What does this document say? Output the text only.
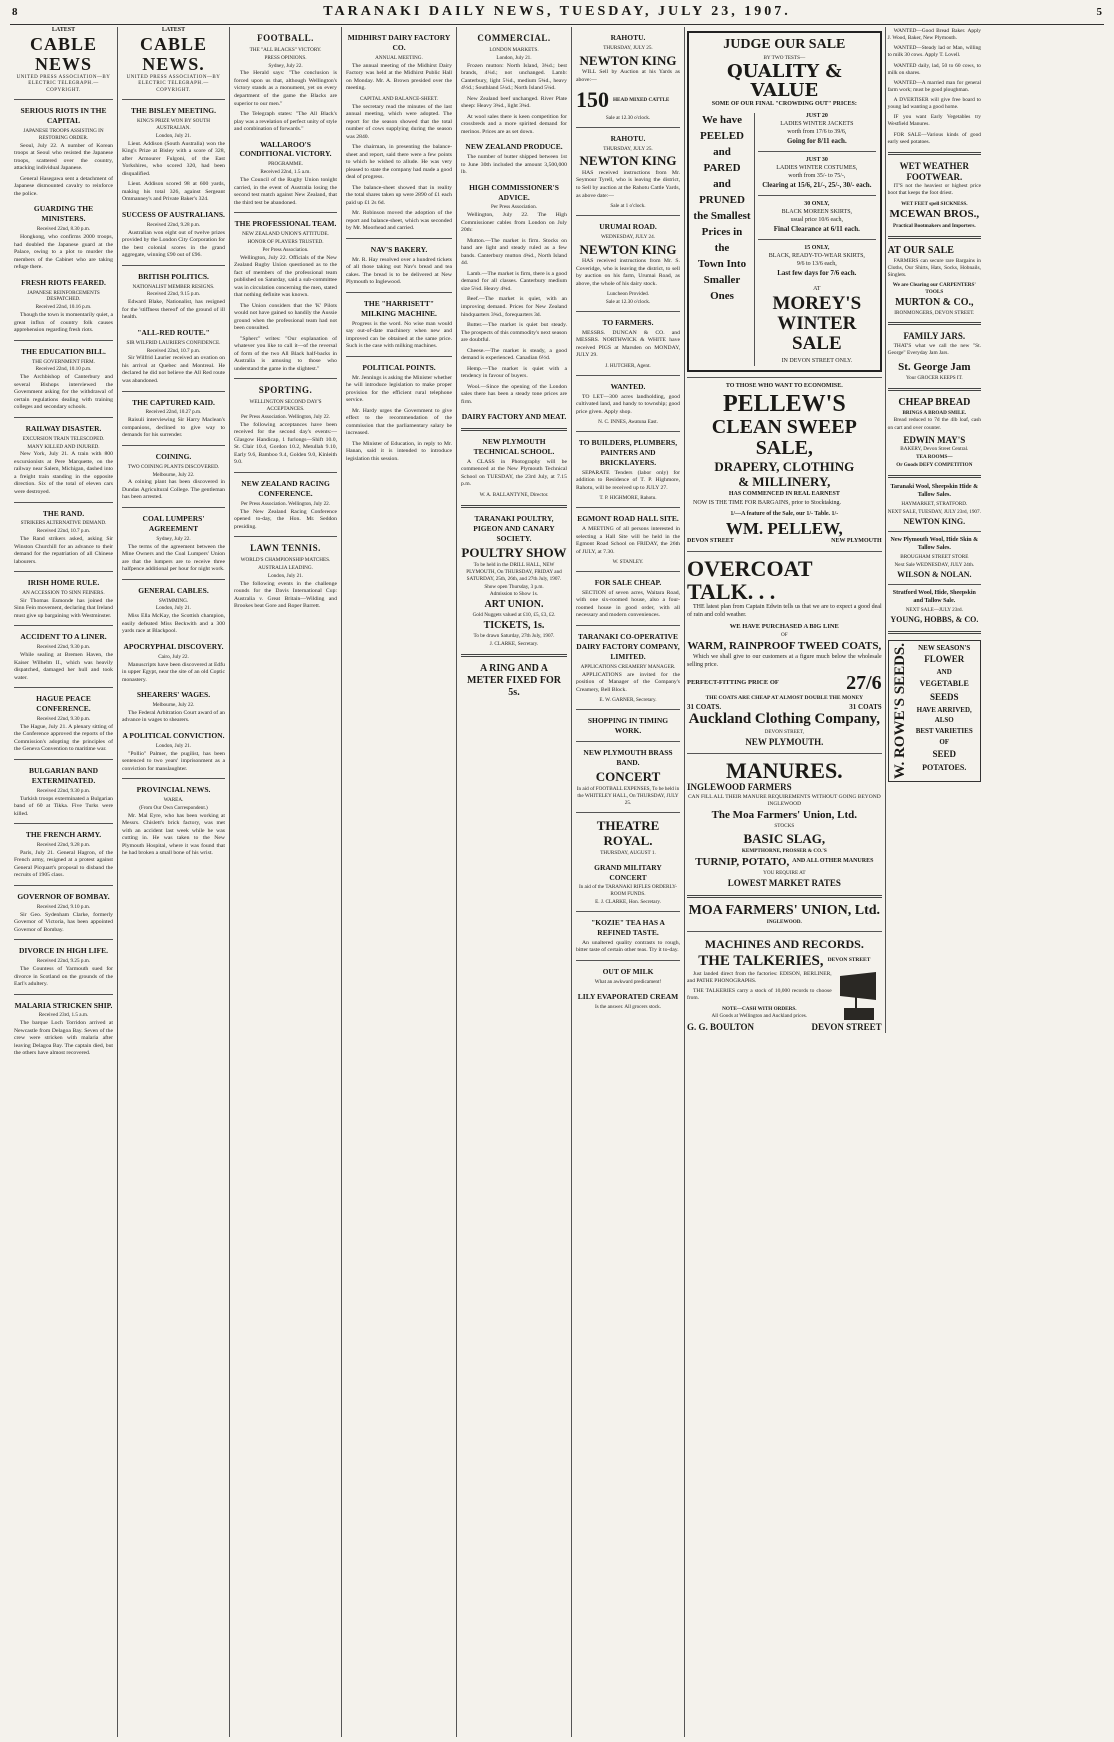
TARANAKI DAILY NEWS, TUESDAY, JULY 23, 1907.
8	5
LATEST
CABLE NEWS
UNITED PRESS ASSOCIATION—BY
ELECTRIC TELEGRAPH.—COPYRIGHT.
SERIOUS RIOTS IN THE CAPITAL
JAPANESE TROOPS ASSISTING IN RESTORING ORDER.

Seoul, July 22. A number of Korean troops at Seoul who resisted the Japanese troops, scattered over the country, attacking individual Japanese.

General Hasegawa sent a detachment of Japanese dismounted cavalry to reinforce the police.

GUARDING THE MINISTERS.
Received 22nd, 8.30 p.m.

Hongkong, who confirms 2000 troops, had doubled the Japanese guard at the Palace, owing to a plot to murder the members of the Cabinet who are taking refuge there.

FRESH RIOTS FEARED.
JAPANESE REINFORCEMENTS DESPATCHED.
Received 22nd, 10.16 p.m.

Though the town is momentarily quiet, a great influx of country folk causes apprehension regarding fresh riots.

THE EDUCATION BILL.
THE GOVERNMENT FIRM.
Received 22nd, 10.10 p.m.

The Archbishop of Canterbury and several Bishops interviewed the Government asking for the withdrawal of certain regulations dealing with training colleges and secondary schools.

RAILWAY DISASTER.
EXCURSION TRAIN TELESCOPED.
MANY KILLED AND INJURED.

New York, July 21. A train with 800 excursionists at Pere Marquette, on the railway near Salem, Michigan, dashed into a freight train standing in the opposite direction. Six of the total of eleven cars were destroyed.

THE RAND.
STRIKERS ALTERNATIVE DEMAND.
Received 22nd, 10.7 p.m.

The Rand strikers asked, asking Sir Winston Churchill for an advance to their demand for the repatriation of all Chinese labourers.

IRISH HOME RULE.
AN ACCESSION TO SINN FEINERS.

Sir Thomas Esmonde has joined the Sinn Fein movement, declaring that Ireland must give up bargaining with Westminster.

ACCIDENT TO A LINER.
Received 22nd, 9.30 p.m.

While sealing at Bremen Haven, the Kaiser Wilhelm II., which was heavily dispatched, damaged her hull and took water.

HAGUE PEACE CONFERENCE.
Received 22nd, 9.30 p.m.

The Hague, July 21. A plenary sitting of the Conference approved the reports of the Commission's adopting the principles of the Geneva Convention to maritime war.

BULGARIAN BAND EXTERMINATED.
Received 22nd, 9.30 p.m.

Turkish troops exterminated a Bulgarian band of 60 at Tikka. Five Turks were killed.

THE FRENCH ARMY.
Received 22nd, 9.28 p.m.

Paris, July 21. General Hagron, of the French army, resigned at a protest against General Picquart's proposal to disband the recruits of 1905 class.

GOVERNOR OF BOMBAY.
Received 22nd, 9.10 p.m.

Sir Geo. Sydenham Clarke, formerly Governor of Victoria, has been appointed Governor of Bombay.

DIVORCE IN HIGH LIFE.
Received 22nd, 9.25 p.m.

The Countess of Yarmouth sued for divorce in Scotland on the grounds of the Earl's adultery.

MALARIA STRICKEN SHIP.
Received 23rd, 1.5 a.m.

The barque Loch Torridon arrived at Newcastle from Delagoa Bay. Seven of the crew were stricken with malaria after leaving Delagoa Bay. The captain died, but the others have almost recovered.

LATEST
CABLE NEWS.
UNITED PRESS ASSOCIATION—BY ELECTRIC TELEGRAPH.—COPYRIGHT.
THE BISLEY MEETING.
KING'S PRIZE WON BY SOUTH AUSTRALIAN.
London, July 21.

Lieut. Addison (South Australia) won the King's Prize at Bisley with a score of 328, after Armourer Fulgoni, of the East Yorkshires, who scored 320, had been disqualified.

Lieut. Addison scored 98 at 600 yards, making his total 326, against Sergeant Ommanney's and Private Baker's 324.

SUCCESS OF AUSTRALIANS.
Received 22nd, 9.28 p.m.

Australian won eight out of twelve prizes provided by the London City Corporation for the best colonial scores in the grand aggregate, winning £90 out of £96.

BRITISH POLITICS.
NATIONALIST MEMBER RESIGNS.
Received 22nd, 9.15 p.m.

Edward Blake, Nationalist, has resigned for the 'stiffness thereof' of the ground of ill health.

"ALL-RED ROUTE."
SIR WILFRID LAURIER'S CONFIDENCE.
Received 22nd, 10.7 p.m.

Sir Wilfrid Laurier received an ovation on his arrival at Quebec and Montreal. He declared he did not believe the All Red route was abandoned.

THE CAPTURED KAID.
Received 22nd, 10.27 p.m.

Raisuli interviewing Sir Harry Maclean's companions, declined to give way to demands for his surrender.

COINING.
TWO COINING PLANTS DISCOVERED.
Melbourne, July 22.

A coining plant has been discovered in Dundas Agricultural College. The gentleman has been arrested.

COAL LUMPERS' AGREEMENT
Sydney, July 22.

The terms of the agreement between the Mine Owners and the Coal Lumpers' Union are that the lumpers are to receive three halfpence additional per hour for night work.

GENERAL CABLES.
SWIMMING.
London, July 21.

Miss Ella McKay, the Scottish champion, easily defeated Miss Beckwith and a 300 yards race at Blackpool.

APOCRYPHAL DISCOVERY.
Cairo, July 22.

Manuscripts have been discovered at Edfu in upper Egypt, near the site of an old Coptic monastery.

SHEARERS' WAGES.
Melbourne, July 22.

The Federal Arbitration Court award of an advance in wages to shearers.

A POLITICAL CONVICTION.
London, July 21.

"Pollio" Palmer, the pugilist, has been sentenced to two years' imprisonment as a conviction for manslaughter.

PROVINCIAL NEWS.
WAREA.
(From Our Own Correspondent.)

Mr. Mal Eyre, who has been working at Messrs. Chislett's brick factory, was met with an accident last week while he was cutting in. He was taken to the New Plymouth Hospital, where it was found that he had broken a small bone of his wrist.

FOOTBALL.
THE "ALL BLACKS" VICTORY.
PRESS OPINIONS.
Sydney, July 22.

The Herald says: "The conclusion is forced upon us that, although Wellington's victory stands as a monument, yet on every department of the game the Blacks are superior to our men."

The Telegraph states: "The All Black's play was a revelation of perfect unity of style and combination of forwards."

WALLAROO'S CONDITIONAL VICTORY.
PROGRAMME.
Received 22nd, 1.5 a.m.

The Council of the Rugby Union tonight carried, in the event of Australia losing the second test match against New Zealand, that the third test be abandoned.

THE PROFESSIONAL TEAM.
NEW ZEALAND UNION'S ATTITUDE.
HONOR OF PLAYERS TRUSTED.
Per Press Association.

Wellington, July 22. Officials of the New Zealand Rugby Union questioned as to the fact of members of the professional team published on Saturday, said a sub-committee was in circulation concerning the men, stated that nothing definite was known.

The Union considers that the 'K' Pilots would not have gained so handily the Aussie ground when the professional team had not been consulted.

"Spherc" writes: "Our explanation of whatever you like to call it—of the reversal of form of the two All Black half-backs in Australia is amusing to those who understand the game in the slightest."

SPORTING.
WELLINGTON SECOND DAY'S ACCEPTANCES.
Per Press Association. Wellington, July 22.

The following acceptances have been received for the second day's events:—Glasgow Handicap, 1 furlongs—Shift 10.0, St. Clair 10.4, Gordon 10.2, Metullah 9.10, Early 9.6, Bamboo 9.4, Golden 9.0, Kinleith 9.0.

NEW ZEALAND RACING CONFERENCE.
Per Press Association. Wellington, July 22.

The New Zealand Racing Conference opened to-day, the Hon. Mr. Seddon presiding.

LAWN TENNIS.
WORLD'S CHAMPIONSHIP MATCHES.
AUSTRALIA LEADING.
London, July 21.

The following events in the challenge rounds for the Davis International Cup: Australia v. Great Britain—Wilding and Brookes beat Gore and Roper Barrett.

MIDHIRST DAIRY FACTORY CO.
ANNUAL MEETING.

The annual meeting of the Midhirst Dairy Factory was held at the Midhirst Public Hall on Monday. Mr. A. Brown presided over the meeting.

CAPITAL AND BALANCE-SHEET.

The secretary read the minutes of the last annual meeting, which were adopted. The report for the season showed that the total number of cows supplying during the season was 2840.

The chairman, in presenting the balance-sheet and report, said there were a few points to which he wished to allude. He was very pleased to state the company had made a good deal of progress.

The balance-sheet showed that in reality the total shares taken up were 2890 of £1 each paid up £1 2s 6d.

Mr. Robinson moved the adoption of the report and balance-sheet, which was seconded by Mr. Moorhead and carried.

NAV'S BAKERY.

Mr. R. Hay resolved over a hundred tickets of all those taking out Nav's bread and tea cakes. The bread is to be delivered at New Plymouth to Inglewood.

THE "HARRISETT" MILKING MACHINE.

Progress is the word. No wise man would say out-of-date machinery when new and improved can be obtained at the same price. Such is the case with milking machines.

POLITICAL POINTS.

Mr. Jennings is asking the Minister whether he will introduce legislation to make proper provision for the efficient rural telephone service.

Mr. Hardy urges the Government to give effect to the recommendation of the commission that the parliamentary salary be increased.

The Minister of Education, in reply to Mr. Hanan, said it is intended to introduce legislation this session.

COMMERCIAL.
LONDON MARKETS.
London, July 21.

Frozen mutton: North Island, 3¾d.; best brands, 4¼d.; not unchanged. Lamb: Canterbury, light 5¼d., medium 5¾d., heavy 4½d.; Southland 5¼d.; North Island 5¼d.

New Zealand beef unchanged. River Plate sheep: Heavy 3¾d., light 3¾d.

At wool sales there is keen competition for crossbreds and a more spirited demand for merinos. Prices are as set down.

NEW ZEALAND PRODUCE.

The number of butter shipped between 1st to June 30th included the amount 3,500,000 lb.

HIGH COMMISSIONER'S ADVICE.
Per Press Association.

Wellington, July 22. The High Commissioner cables from London on July 20th:

Mutton.—The market is firm. Stocks on hand are light and steady ruled as a few bands. Canterbury mutton 4¾d., North Island 4d.

Lamb.—The market is firm, there is a good demand for all classes. Canterbury medium size 5¼d. Heavy 4¾d.

Beef.—The market is quiet, with an improving demand. Prices for New Zealand hindquarters 3¾d., forequarters 3d.

Butter.—The market is quiet but steady. The prospects of this commodity's next season are doubtful.

Cheese.—The market is steady, a good demand is experienced. Canadian 6½d.

Hemp.—The market is quiet with a tendency in favour of buyers.

Wool.—Since the opening of the London sales there has been a steady tone prices are firm.

DAIRY FACTORY AND MEAT.
NEW PLYMOUTH TECHNICAL SCHOOL.

A CLASS in Photography will be commenced at the New Plymouth Technical School on TUESDAY, the 23rd July, at 7.15 p.m.

W. A. BALLANTYNE, Director.
TARANAKI POULTRY, PIGEON AND CANARY SOCIETY.
POULTRY SHOW
To be held in the DRILL HALL, NEW PLYMOUTH, On THURSDAY, FRIDAY and SATURDAY, 25th, 26th, and 27th July, 1907.
Show open Thursday, 3 p.m.
Admission to Show 1s.
ART UNION.
Gold Nuggets valued at £10, £5, £3, £2.
TICKETS, 1s.
To be drawn Saturday, 27th July, 1907.
J. CLARKE, Secretary.
A RING AND A METER FIXED FOR 5s.
RAHOTU.
THURSDAY, JULY 25.
NEWTON KING

WILL Sell by Auction at his Yards as above:—

150 HEAD MIXED CATTLE
Sale at 12.30 o'clock.
RAHOTU.
THURSDAY, JULY 25.
NEWTON KING

HAS received instructions from Mr. Seymour Tyrell, who is leaving the district, to Sell by auction at the Rahotu Cattle Yards, as above date:—

Sale at 1 o'clock.
URUMAI ROAD.
WEDNESDAY, JULY 24.
NEWTON KING

HAS received instructions from Mr. S. Coveridge, who is leaving the district, to sell by auction on his farm, Urumai Road, as above, the whole of his dairy stock.

Luncheon Provided.
Sale at 12.30 o'clock.
TO FARMERS.

MESSRS. DUNCAN & CO. and MESSRS. NORTHWICK & WHITE have received PIGS at Marsden on MONDAY, JULY 29.

J. HUTCHER, Agent.
WANTED.

TO LET—300 acres landholding, good cultivated land, and handy to township; good price given. Apply shop.

N. C. INNES, Awatuna East.
TO BUILDERS, PLUMBERS, PAINTERS AND BRICKLAYERS.

SEPARATE Tenders (labor only) for addition to Residence of T. P. Highmore, Rahotu, will be received up to JULY 27.

T. P. HIGHMORE, Rahotu.
EGMONT ROAD HALL SITE.

A MEETING of all persons interested in selecting a Hall Site will be held in the Egmont Road School on FRIDAY, the 26th of JULY, at 7.30.

W. STANLEY.
FOR SALE CHEAP.

SECTION of seven acres, Waitara Road, with one six-roomed house, also a four-roomed house in good order, with all necessary and modern conveniences.

TARANAKI CO-OPERATIVE DAIRY FACTORY COMPANY, LIMITED.
APPLICATIONS CREAMERY MANAGER.

APPLICATIONS are invited for the position of Manager of the Company's Creamery, Bell Block.

E. W. GARNER, Secretary.
SHOPPING IN TIMING WORK.
NEW PLYMOUTH BRASS BAND.
CONCERT
In aid of FOOTBALL EXPENSES, To be held in the WHITELEY HALL, On THURSDAY, JULY 25.
THEATRE ROYAL.
THURSDAY, AUGUST 1.
GRAND MILITARY CONCERT
In aid of the TARANAKI RIFLES ORDERLY-ROOM FUNDS.
E. J. CLARKE, Hon. Secretary.
"KOZIE" TEA HAS A REFINED TASTE.

An unaltered quality contrasts to rough, bitter taste of certain other teas. Try it to-day.

OUT OF MILK
What an awkward predicament!
LILY EVAPORATED CREAM
Is the answer. All grocers stock.
JUDGE OUR SALE
BY TWO TESTS—
QUALITY & VALUE
SOME OF OUR FINAL "CROWDING OUT" PRICES:
We have
PEELED
and
PARED
and
PRUNED
the Smallest
Prices in the
Town Into
Smaller Ones
JUST 20
LADIES WINTER JACKETS
worth from 17/6 to 39/6,
Going for 8/11 each.
JUST 30
LADIES WINTER COSTUMES,
worth from 35/- to 75/-,
Clearing at 15/6, 21/-, 25/-, 30/- each.
30 ONLY,
BLACK MOREEN SKIRTS,
usual price 10/6 each,
Final Clearance at 6/11 each.
15 ONLY,
BLACK, READY-TO-WEAR SKIRTS,
9/6 to 13/6 each,
Last few days for 7/6 each.
AT
MOREY'S
WINTER
SALE
IN DEVON STREET ONLY.
TO THOSE WHO WANT TO ECONOMISE.
PELLEW'S
CLEAN SWEEP SALE,
DRAPERY, CLOTHING
& MILLINERY,
HAS COMMENCED IN REAL EARNEST

NOW IS THE TIME FOR BARGAINS, prior to Stocktaking.

1/—A feature of the Sale, our 1/- Table. 1/-
WM. PELLEW,
DEVON STREET	NEW PLYMOUTH
OVERCOAT TALK. . .

THE latest plan from Captain Edwin tells us that we are to expect a good deal of rain and cold weather.

WE HAVE PURCHASED A BIG LINE
OF
WARM, RAINPROOF TWEED COATS,

Which we shall give to our customers at a figure much below the wholesale selling price.

PERFECT-FITTING PRICE OF	27/6
THE COATS ARE CHEAP AT ALMOST DOUBLE THE MONEY
31 COATS.	31 COATS
Auckland Clothing Company,
DEVON STREET,
NEW PLYMOUTH.
MANURES.
INGLEWOOD FARMERS
CAN FILL ALL THEIR MANURE REQUIREMENTS WITHOUT GOING BEYOND INGLEWOOD
The Moa Farmers' Union, Ltd.
STOCKS
BASIC SLAG,
KEMPTHORNE, PROSSER & CO.'S
TURNIP, POTATO, AND ALL OTHER MANURES
YOU REQUIRE AT
LOWEST MARKET RATES
MOA FARMERS' UNION, Ltd.
INGLEWOOD.
MACHINES AND RECORDS.
THE TALKERIES, DEVON STREET

Just landed direct from the factories: EDISON, BERLINER, and PATHE PHONOGRAPHS.

THE TALKERIES carry a stock of 10,000 records to choose from.

NOTE—CASH WITH ORDERS.
All Goods at Wellington and Auckland prices.
G. G. BOULTON	DEVON STREET

WANTED—Good Bread Baker. Apply J. Wood, Baker, New Plymouth.

WANTED—Steady lad or Man, willing to milk 30 cows. Apply T. Lovell.

WANTED daily, lad, 50 to 60 cows, to milk on shares.

WANTED—A married man for general farm work; must be good ploughman.

A DVERTISER will give free board to young lad wanting a good home.

IF you want Early Vegetables try Westfield Manures.

FOR SALE—Various kinds of good early seed potatoes.

WET WEATHER FOOTWEAR.

IT'S not the heaviest or highest price boot that keeps the foot driest.

WET FEET spell SICKNESS.
MCEWAN BROS.,
Practical Bootmakers and Importers.
AT OUR SALE

FARMERS can secure rare Bargains in Cloths, Our Shirts, Hats, Socks, Hobnails, Singlets.

We are Clearing our CARPENTERS' TOOLS
MURTON & CO.,
IRONMONGERS, DEVON STREET.
FAMILY JARS.

THAT'S what we call the new "St. George" Everyday Jam Jars.

St. George Jam
Your GROCER KEEPS IT.
CHEAP BREAD
BRINGS A BROAD SMILE.

Bread reduced to 7d the 4lb loaf, cash on cart and over counter.

EDWIN MAY'S
BAKERY, Devon Street Central.
TEA ROOMS—
Or Goods DEFY COMPETITION
Taranaki Wool, Sheepskin Hide & Tallow Sales.
HAYMARKET, STRATFORD.
NEXT SALE, TUESDAY, JULY 23rd, 1907.
NEWTON KING.
New Plymouth Wool, Hide Skin & Tallow Sales.
BROUGHAM STREET STORE
Next Sale WEDNESDAY, JULY 24th.
WILSON & NOLAN.
Stratford Wool, Hide, Sheepskin and Tallow Sale.
NEXT SALE—JULY 23rd.
YOUNG, HOBBS, & CO.
W. ROWE'S SEEDS.	NEW SEASON'S
FLOWER
AND
VEGETABLE
SEEDS
HAVE ARRIVED,
ALSO
BEST VARIETIES
OF
SEED
POTATOES.
